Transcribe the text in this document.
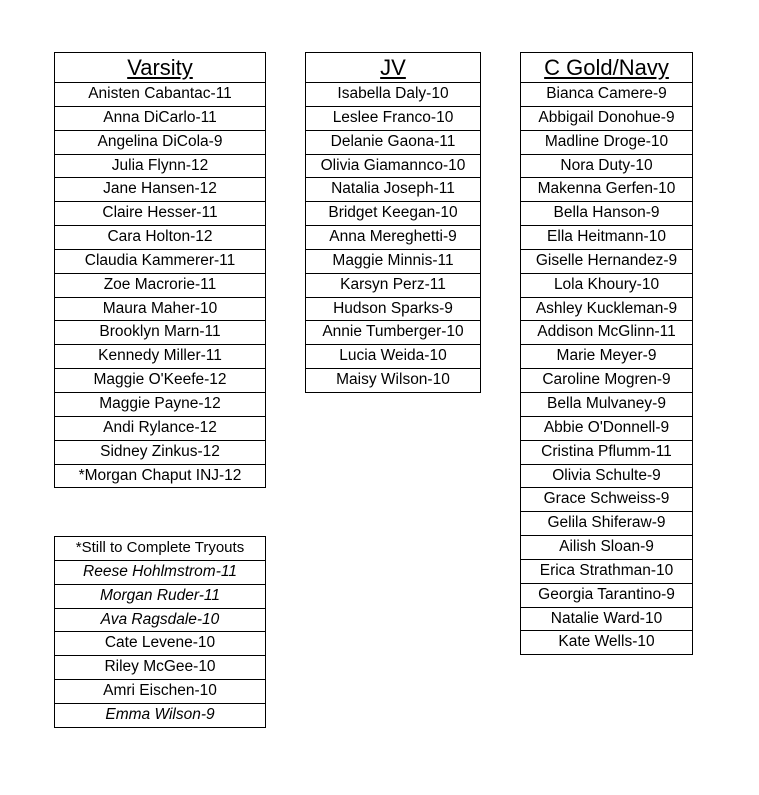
Varsity
Anisten Cabantac-11
Anna DiCarlo-11
Angelina DiCola-9
Julia Flynn-12
Jane Hansen-12
Claire Hesser-11
Cara Holton-12
Claudia Kammerer-11
Zoe Macrorie-11
Maura Maher-10
Brooklyn Marn-11
Kennedy Miller-11
Maggie O'Keefe-12
Maggie Payne-12
Andi Rylance-12
Sidney Zinkus-12
*Morgan Chaput INJ-12
JV
Isabella Daly-10
Leslee Franco-10
Delanie Gaona-11
Olivia Giamannco-10
Natalia Joseph-11
Bridget Keegan-10
Anna Mereghetti-9
Maggie Minnis-11
Karsyn Perz-11
Hudson Sparks-9
Annie Tumberger-10
Lucia Weida-10
Maisy Wilson-10
C Gold/Navy
Bianca Camere-9
Abbigail Donohue-9
Madline Droge-10
Nora Duty-10
Makenna Gerfen-10
Bella Hanson-9
Ella Heitmann-10
Giselle Hernandez-9
Lola Khoury-10
Ashley Kuckleman-9
Addison McGlinn-11
Marie Meyer-9
Caroline Mogren-9
Bella Mulvaney-9
Abbie O'Donnell-9
Cristina Pflumm-11
Olivia Schulte-9
Grace Schweiss-9
Gelila Shiferaw-9
Ailish Sloan-9
Erica Strathman-10
Georgia Tarantino-9
Natalie Ward-10
Kate Wells-10
*Still to Complete Tryouts
Reese Hohlmstrom-11
Morgan Ruder-11
Ava Ragsdale-10
Cate Levene-10
Riley McGee-10
Amri Eischen-10
Emma Wilson-9
